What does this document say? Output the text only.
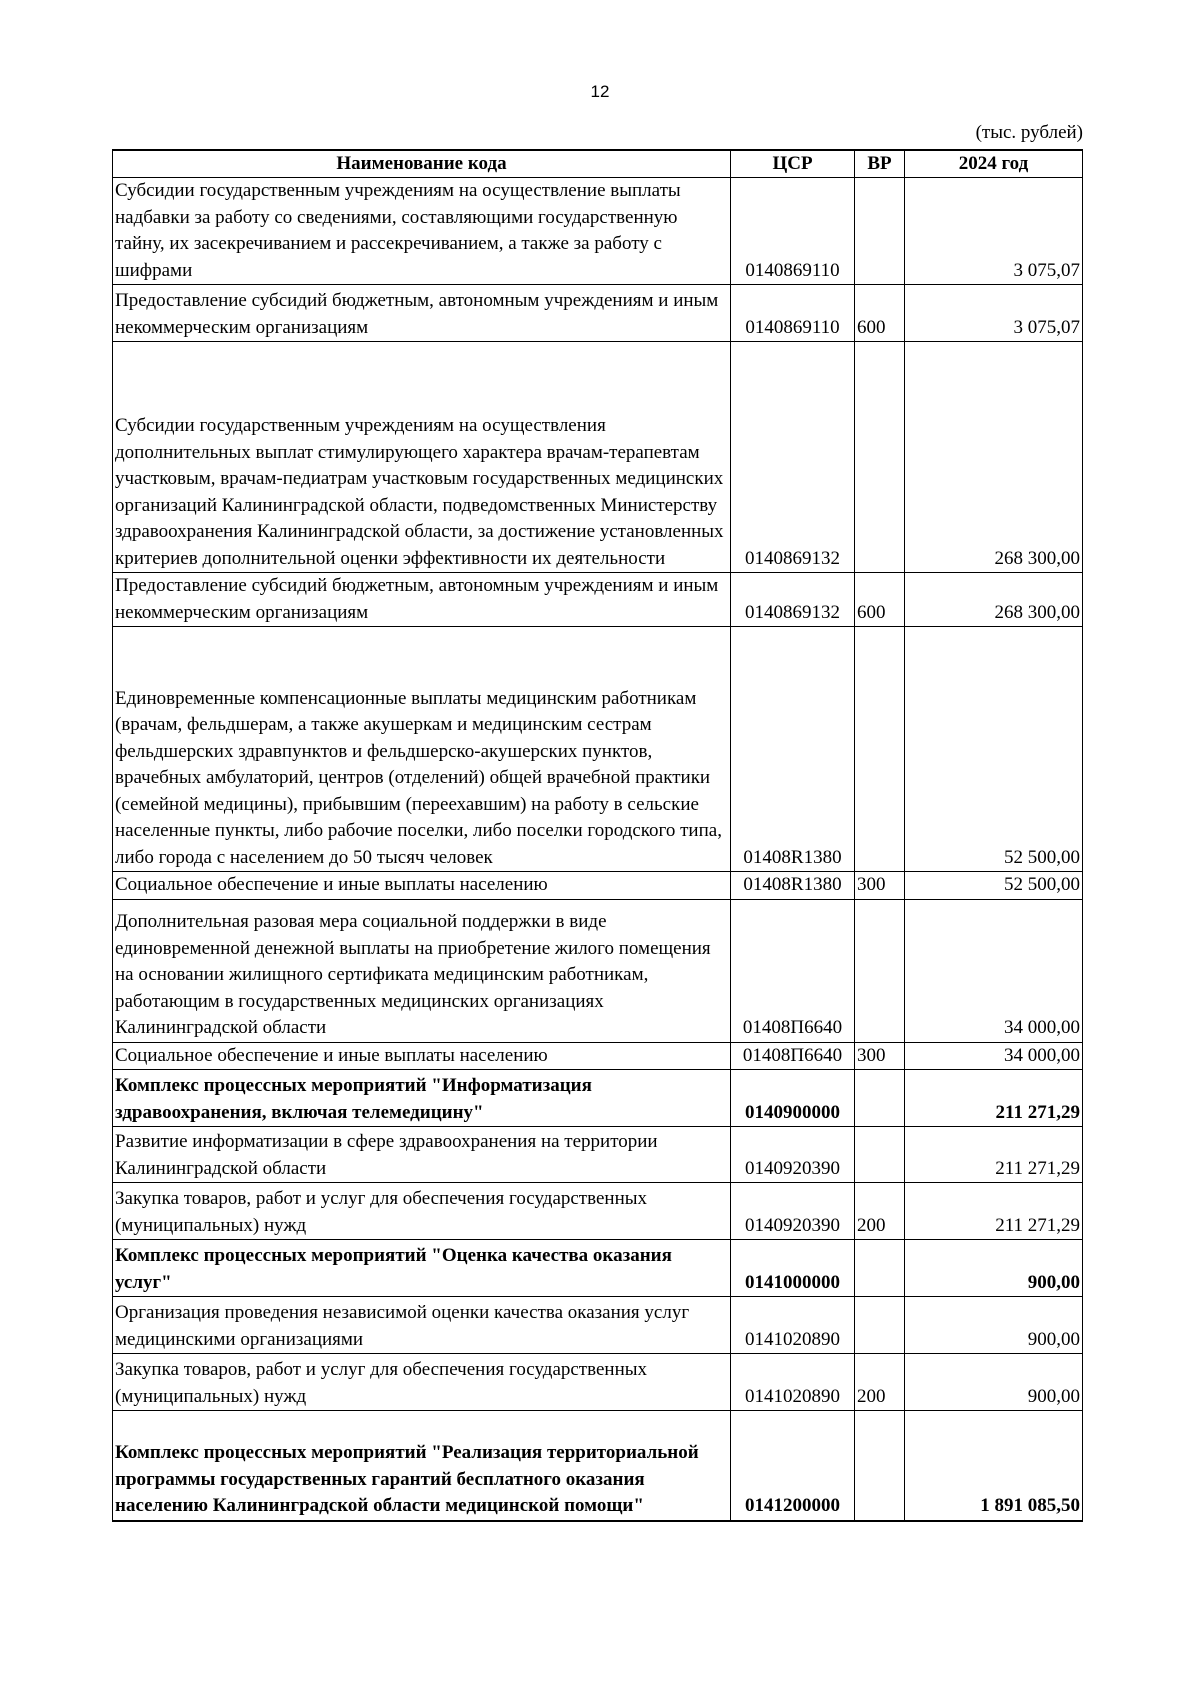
12
(тыс. рублей)
Наименование кода	ЦСР	ВР	2024 год
Субсидии государственным учреждениям на осуществление выплаты надбавки за работу со сведениями, составляющими государственную тайну, их засекречиванием и рассекречиванием, а также за работу с шифрами	0140869110		3 075,07
Предоставление субсидий бюджетным, автономным учреждениям и иным некоммерческим организациям	0140869110	600	3 075,07
Субсидии государственным учреждениям на осуществления дополнительных выплат стимулирующего характера врачам-терапевтам участковым, врачам-педиатрам участковым государственных медицинских организаций Калининградской области, подведомственных Министерству здравоохранения Калининградской области, за достижение установленных критериев дополнительной оценки эффективности их деятельности	0140869132		268 300,00
Предоставление субсидий бюджетным, автономным учреждениям и иным некоммерческим организациям	0140869132	600	268 300,00
Единовременные компенсационные выплаты медицинским работникам (врачам, фельдшерам, а также акушеркам и медицинским сестрам фельдшерских здравпунктов и фельдшерско-акушерских пунктов, врачебных амбулаторий, центров (отделений) общей врачебной практики (семейной медицины), прибывшим (переехавшим) на работу в сельские населенные пункты, либо рабочие поселки, либо поселки городского типа, либо города с населением до 50 тысяч человек	01408R1380		52 500,00
Социальное обеспечение и иные выплаты населению	01408R1380	300	52 500,00
Дополнительная разовая мера социальной поддержки в виде единовременной денежной выплаты на приобретение жилого помещения на основании жилищного сертификата медицинским работникам, работающим в государственных медицинских организациях Калининградской области	01408П6640		34 000,00
Социальное обеспечение и иные выплаты населению	01408П6640	300	34 000,00
Комплекс процессных мероприятий "Информатизация здравоохранения, включая телемедицину"	0140900000		211 271,29
Развитие информатизации в сфере здравоохранения на территории Калининградской области	0140920390		211 271,29
Закупка товаров, работ и услуг для обеспечения государственных (муниципальных) нужд	0140920390	200	211 271,29
Комплекс процессных мероприятий "Оценка качества оказания услуг"	0141000000		900,00
Организация проведения независимой оценки качества оказания услуг медицинскими организациями	0141020890		900,00
Закупка товаров, работ и услуг для обеспечения государственных (муниципальных) нужд	0141020890	200	900,00
Комплекс процессных мероприятий "Реализация территориальной программы государственных гарантий бесплатного оказания населению Калининградской области медицинской помощи"	0141200000		1 891 085,50
